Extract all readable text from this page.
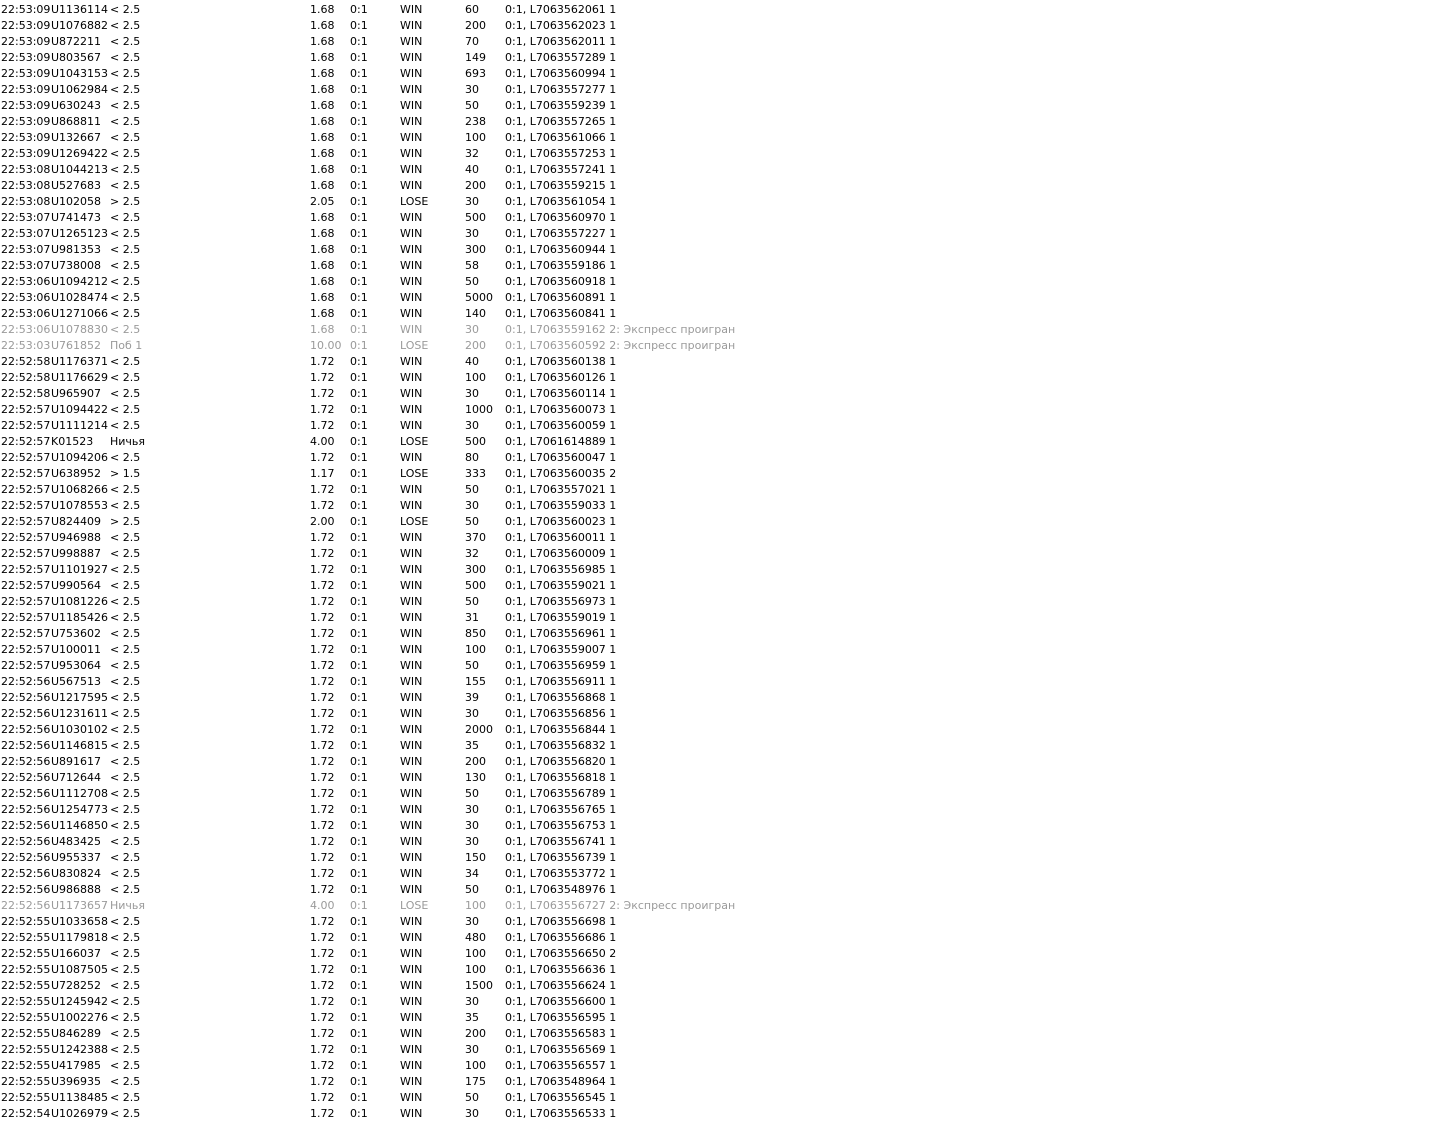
22:53:09 U1136114 < 2.5	1.68 0:1	WIN	60 0:1, L7063562061 1
22:53:09 U1076882 < 2.5	1.68 0:1	WIN	200 0:1, L7063562023 1
22:53:09 U872211 < 2.5	1.68 0:1	WIN	70 0:1, L7063562011 1
22:53:09 U803567 < 2.5	1.68 0:1	WIN	149 0:1, L7063557289 1
22:53:09 U1043153 < 2.5	1.68 0:1	WIN	693 0:1, L7063560994 1
22:53:09 U1062984 < 2.5	1.68 0:1	WIN	30 0:1, L7063557277 1
22:53:09 U630243 < 2.5	1.68 0:1	WIN	50 0:1, L7063559239 1
22:53:09 U868811 < 2.5	1.68 0:1	WIN	238 0:1, L7063557265 1
22:53:09 U132667 < 2.5	1.68 0:1	WIN	100 0:1, L7063561066 1
22:53:09 U1269422 < 2.5	1.68 0:1	WIN	32 0:1, L7063557253 1
22:53:08 U1044213 < 2.5	1.68 0:1	WIN	40 0:1, L7063557241 1
22:53:08 U527683 < 2.5	1.68 0:1	WIN	200 0:1, L7063559215 1
22:53:08 U102058 > 2.5	2.05 0:1	LOSE	30 0:1, L7063561054 1
22:53:07 U741473 < 2.5	1.68 0:1	WIN	500 0:1, L7063560970 1
22:53:07 U1265123 < 2.5	1.68 0:1	WIN	30 0:1, L7063557227 1
22:53:07 U981353 < 2.5	1.68 0:1	WIN	300 0:1, L7063560944 1
22:53:07 U738008 < 2.5	1.68 0:1	WIN	58 0:1, L7063559186 1
22:53:06 U1094212 < 2.5	1.68 0:1	WIN	50 0:1, L7063560918 1
22:53:06 U1028474 < 2.5	1.68 0:1	WIN	5000 0:1, L7063560891 1
22:53:06 U1271066 < 2.5	1.68 0:1	WIN	140 0:1, L7063560841 1
22:53:06 U1078830 < 2.5	1.68 0:1	WIN	30 0:1, L7063559162 2: Экспресс проигран
22:53:03 U761852 Поб 1	10.00 0:1	LOSE	200 0:1, L7063560592 2: Экспресс проигран
22:52:58 U1176371 < 2.5	1.72 0:1	WIN	40 0:1, L7063560138 1
22:52:58 U1176629 < 2.5	1.72 0:1	WIN	100 0:1, L7063560126 1
22:52:58 U965907 < 2.5	1.72 0:1	WIN	30 0:1, L7063560114 1
22:52:57 U1094422 < 2.5	1.72 0:1	WIN	1000 0:1, L7063560073 1
22:52:57 U1111214 < 2.5	1.72 0:1	WIN	30 0:1, L7063560059 1
22:52:57 K01523 Ничья	4.00 0:1	LOSE	500 0:1, L7061614889 1
22:52:57 U1094206 < 2.5	1.72 0:1	WIN	80 0:1, L7063560047 1
22:52:57 U638952 > 1.5	1.17 0:1	LOSE	333 0:1, L7063560035 2
22:52:57 U1068266 < 2.5	1.72 0:1	WIN	50 0:1, L7063557021 1
22:52:57 U1078553 < 2.5	1.72 0:1	WIN	30 0:1, L7063559033 1
22:52:57 U824409 > 2.5	2.00 0:1	LOSE	50 0:1, L7063560023 1
22:52:57 U946988 < 2.5	1.72 0:1	WIN	370 0:1, L7063560011 1
22:52:57 U998887 < 2.5	1.72 0:1	WIN	32 0:1, L7063560009 1
22:52:57 U1101927 < 2.5	1.72 0:1	WIN	300 0:1, L7063556985 1
22:52:57 U990564 < 2.5	1.72 0:1	WIN	500 0:1, L7063559021 1
22:52:57 U1081226 < 2.5	1.72 0:1	WIN	50 0:1, L7063556973 1
22:52:57 U1185426 < 2.5	1.72 0:1	WIN	31 0:1, L7063559019 1
22:52:57 U753602 < 2.5	1.72 0:1	WIN	850 0:1, L7063556961 1
22:52:57 U100011 < 2.5	1.72 0:1	WIN	100 0:1, L7063559007 1
22:52:57 U953064 < 2.5	1.72 0:1	WIN	50 0:1, L7063556959 1
22:52:56 U567513 < 2.5	1.72 0:1	WIN	155 0:1, L7063556911 1
22:52:56 U1217595 < 2.5	1.72 0:1	WIN	39 0:1, L7063556868 1
22:52:56 U1231611 < 2.5	1.72 0:1	WIN	30 0:1, L7063556856 1
22:52:56 U1030102 < 2.5	1.72 0:1	WIN	2000 0:1, L7063556844 1
22:52:56 U1146815 < 2.5	1.72 0:1	WIN	35 0:1, L7063556832 1
22:52:56 U891617 < 2.5	1.72 0:1	WIN	200 0:1, L7063556820 1
22:52:56 U712644 < 2.5	1.72 0:1	WIN	130 0:1, L7063556818 1
22:52:56 U1112708 < 2.5	1.72 0:1	WIN	50 0:1, L7063556789 1
22:52:56 U1254773 < 2.5	1.72 0:1	WIN	30 0:1, L7063556765 1
22:52:56 U1146850 < 2.5	1.72 0:1	WIN	30 0:1, L7063556753 1
22:52:56 U483425 < 2.5	1.72 0:1	WIN	30 0:1, L7063556741 1
22:52:56 U955337 < 2.5	1.72 0:1	WIN	150 0:1, L7063556739 1
22:52:56 U830824 < 2.5	1.72 0:1	WIN	34 0:1, L7063553772 1
22:52:56 U986888 < 2.5	1.72 0:1	WIN	50 0:1, L7063548976 1
22:52:56 U1173657 Ничья	4.00 0:1	LOSE	100 0:1, L7063556727 2: Экспресс проигран
22:52:55 U1033658 < 2.5	1.72 0:1	WIN	30 0:1, L7063556698 1
22:52:55 U1179818 < 2.5	1.72 0:1	WIN	480 0:1, L7063556686 1
22:52:55 U166037 < 2.5	1.72 0:1	WIN	100 0:1, L7063556650 2
22:52:55 U1087505 < 2.5	1.72 0:1	WIN	100 0:1, L7063556636 1
22:52:55 U728252 < 2.5	1.72 0:1	WIN	1500 0:1, L7063556624 1
22:52:55 U1245942 < 2.5	1.72 0:1	WIN	30 0:1, L7063556600 1
22:52:55 U1002276 < 2.5	1.72 0:1	WIN	35 0:1, L7063556595 1
22:52:55 U846289 < 2.5	1.72 0:1	WIN	200 0:1, L7063556583 1
22:52:55 U1242388 < 2.5	1.72 0:1	WIN	30 0:1, L7063556569 1
22:52:55 U417985 < 2.5	1.72 0:1	WIN	100 0:1, L7063556557 1
22:52:55 U396935 < 2.5	1.72 0:1	WIN	175 0:1, L7063548964 1
22:52:55 U1138485 < 2.5	1.72 0:1	WIN	50 0:1, L7063556545 1
22:52:54 U1026979 < 2.5	1.72 0:1	WIN	30 0:1, L7063556533 1
